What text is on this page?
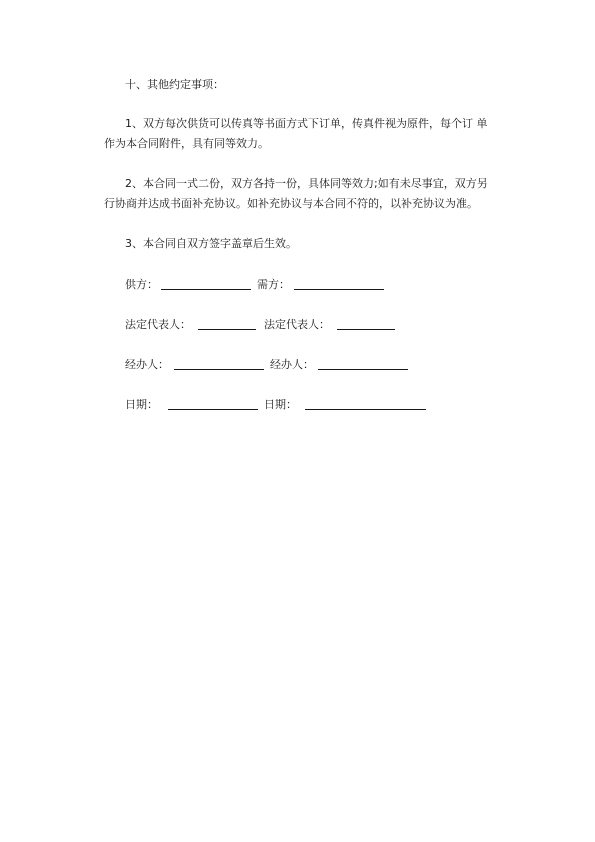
十、其他约定事项：
1、双方每次供货可以传真等书面方式下订单，传真件视为原件，每个订 单
作为本合同附件，具有同等效力。
2、本合同一式二份，双方各持一份，具体同等效力;如有未尽事宜，双方另
行协商并达成书面补充协议。如补充协议与本合同不符的，以补充协议为准。
3、本合同自双方签字盖章后生效。
供方：	需方：
法定代表人：	法定代表人：
经办人：	经办人：
日期：	日期：
